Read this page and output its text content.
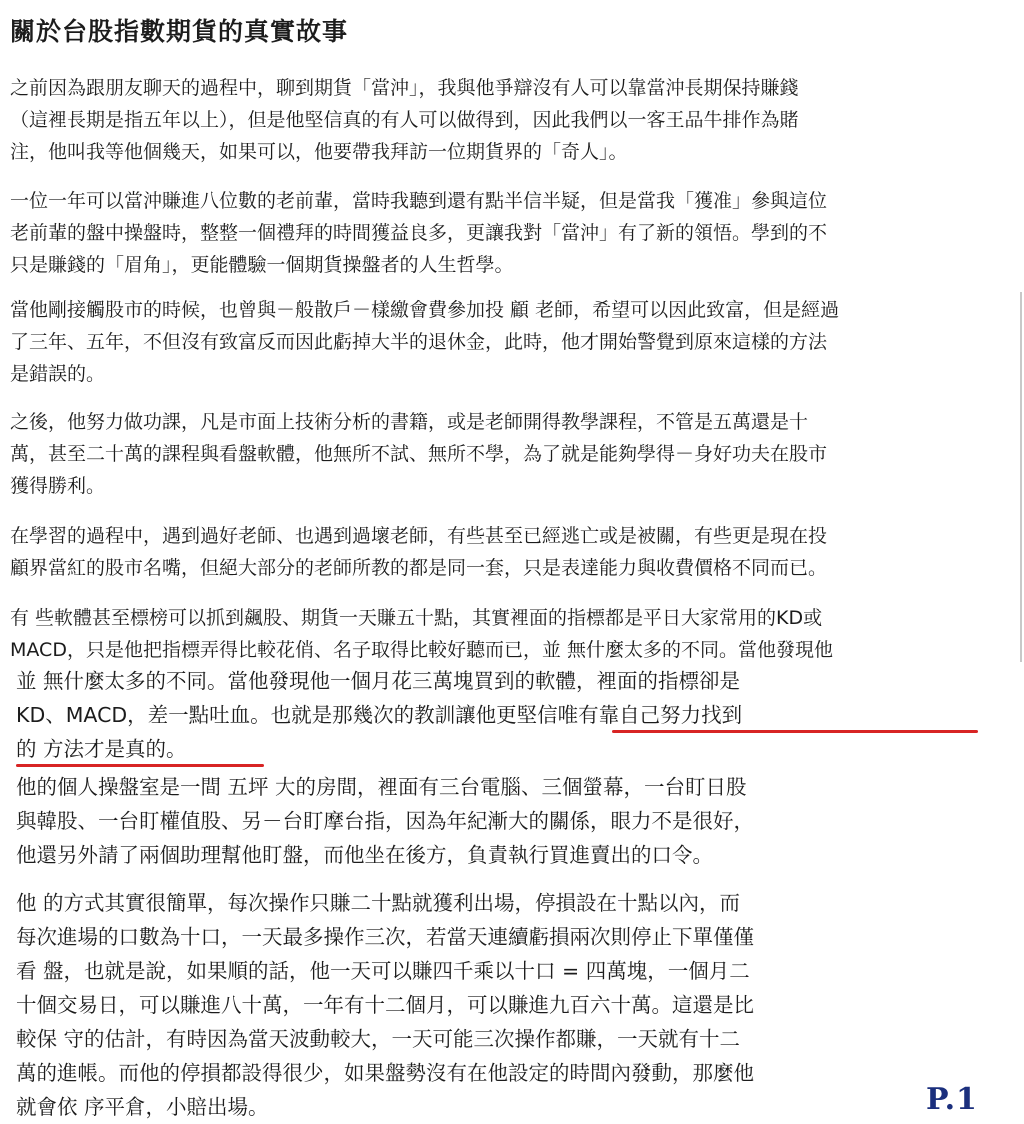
關於台股指數期貨的真實故事

之前因為跟朋友聊天的過程中，聊到期貨「當沖」，我與他爭辯沒有人可以靠當沖長期保持賺錢
（這裡長期是指五年以上），但是他堅信真的有人可以做得到，因此我們以一客王品牛排作為賭
注，他叫我等他個幾天，如果可以，他要帶我拜訪一位期貨界的「奇人」。

一位一年可以當沖賺進八位數的老前輩，當時我聽到還有點半信半疑，但是當我「獲准」參與這位
老前輩的盤中操盤時，整整一個禮拜的時間獲益良多，更讓我對「當沖」有了新的領悟。學到的不
只是賺錢的「眉角」，更能體驗一個期貨操盤者的人生哲學。

當他剛接觸股市的時候，也曾與－般散戶－樣繳會費參加投 顧 老師，希望可以因此致富，但是經過
了三年、五年，不但沒有致富反而因此虧掉大半的退休金，此時，他才開始警覺到原來這樣的方法
是錯誤的。

之後，他努力做功課，凡是市面上技術分析的書籍，或是老師開得教學課程，不管是五萬還是十
萬，甚至二十萬的課程與看盤軟體，他無所不試、無所不學，為了就是能夠學得－身好功夫在股市
獲得勝利。

在學習的過程中，遇到過好老師、也遇到過壞老師，有些甚至已經逃亡或是被關，有些更是現在投
顧界當紅的股市名嘴，但絕大部分的老師所教的都是同一套，只是表達能力與收費價格不同而已。

有 些軟體甚至標榜可以抓到飆股、期貨一天賺五十點，其實裡面的指標都是平日大家常用的KD或
MACD，只是他把指標弄得比較花俏、名子取得比較好聽而已，並 無什麼太多的不同。當他發現他

並 無什麼太多的不同。當他發現他一個月花三萬塊買到的軟體，裡面的指標卻是
KD、MACD，差一點吐血。也就是那幾次的教訓讓他更堅信唯有靠自己努力找到
的 方法才是真的。

他的個人操盤室是一間 五坪 大的房間，裡面有三台電腦、三個螢幕，一台盯日股
與韓股、一台盯權值股、另－台盯摩台指，因為年紀漸大的關係，眼力不是很好，
他還另外請了兩個助理幫他盯盤，而他坐在後方，負責執行買進賣出的口令。

他 的方式其實很簡單，每次操作只賺二十點就獲利出場，停損設在十點以內，而
每次進場的口數為十口，一天最多操作三次，若當天連續虧損兩次則停止下單僅僅
看 盤，也就是說，如果順的話，他一天可以賺四千乘以十口 = 四萬塊，一個月二
十個交易日，可以賺進八十萬，一年有十二個月，可以賺進九百六十萬。這還是比
較保 守的估計，有時因為當天波動較大，一天可能三次操作都賺，一天就有十二
萬的進帳。而他的停損都設得很少，如果盤勢沒有在他設定的時間內發動，那麼他
就會依 序平倉，小賠出場。	P.1
